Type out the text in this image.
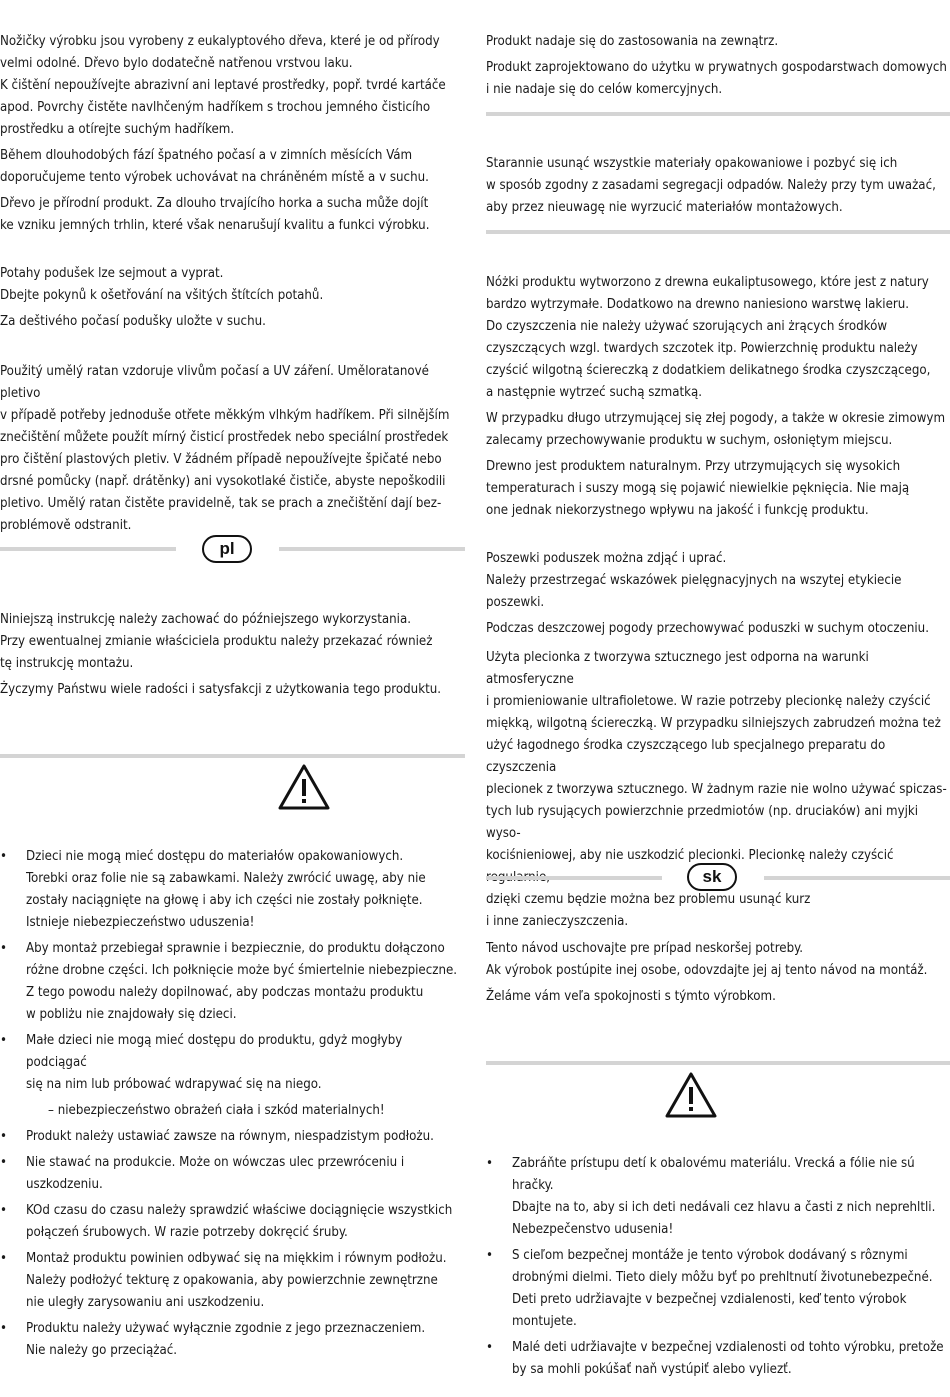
Nožičky výrobku jsou vyrobeny z eukalyptového dřeva, které je od přírody
velmi odolné. Dřevo bylo dodatečně natřenou vrstvou laku.
K čištění nepoužívejte abrazivní ani leptavé prostředky, popř. tvrdé kartáče
apod. Povrchy čistěte navlhčeným hadříkem s trochou jemného čisticího
prostředku a otírejte suchým hadříkem.

Během dlouhodobých fází špatného počasí a v zimních měsících Vám
doporučujeme tento výrobek uchovávat na chráněném místě a v suchu.

Dřevo je přírodní produkt. Za dlouho trvajícího horka a sucha může dojít
ke vzniku jemných trhlin, které však nenarušují kvalitu a funkci výrobku.

Potahy podušek lze sejmout a vyprat.
Dbejte pokynů k ošetřování na všitých štítcích potahů.

Za deštivého počasí podušky uložte v suchu.

Použitý umělý ratan vzdoruje vlivům počasí a UV záření. Uměloratanové pletivo
v případě potřeby jednoduše otřete měkkým vlhkým hadříkem. Při silnějším
znečištění můžete použít mírný čisticí prostředek nebo speciální prostředek
pro čištění plastových pletiv. V žádném případě nepoužívejte špičaté nebo
drsné pomůcky (např. drátěnky) ani vysokotlaké čističe, abyste nepoškodili
pletivo. Umělý ratan čistěte pravidelně, tak se prach a znečištění dají bez-
problémově odstranit.

pl

Niniejszą instrukcję należy zachować do późniejszego wykorzystania.
Przy ewentualnej zmianie właściciela produktu należy przekazać również
tę instrukcję montażu.

Życzymy Państwu wiele radości i satysfakcji z użytkowania tego produktu.

• Dzieci nie mogą mieć dostępu do materiałów opakowaniowych.
Torebki oraz folie nie są zabawkami. Należy zwrócić uwagę, aby nie
zostały naciągnięte na głowę i aby ich części nie zostały połknięte.
Istnieje niebezpieczeństwo uduszenia!
• Aby montaż przebiegał sprawnie i bezpiecznie, do produktu dołączono
różne drobne części. Ich połknięcie może być śmiertelnie niebezpieczne.
Z tego powodu należy dopilnować, aby podczas montażu produktu
w pobliżu nie znajdowały się dzieci.
• Małe dzieci nie mogą mieć dostępu do produktu, gdyż mogłyby podciągać
się na nim lub próbować wdrapywać się na niego.
– niebezpieczeństwo obrażeń ciała i szkód materialnych!
• Produkt należy ustawiać zawsze na równym, niespadzistym podłożu.
• Nie stawać na produkcie. Może on wówczas ulec przewróceniu i uszkodzeniu.
• KOd czasu do czasu należy sprawdzić właściwe dociągnięcie wszystkich
połączeń śrubowych. W razie potrzeby dokręcić śruby.
• Montaż produktu powinien odbywać się na miękkim i równym podłożu.
Należy podłożyć tekturę z opakowania, aby powierzchnie zewnętrzne
nie uległy zarysowaniu ani uszkodzeniu.
• Produktu należy używać wyłącznie zgodnie z jego przeznaczeniem.
Nie należy go przeciążać.

Produkt nadaje się do zastosowania na zewnątrz.

Produkt zaprojektowano do użytku w prywatnych gospodarstwach domowych
i nie nadaje się do celów komercyjnych.

Starannie usunąć wszystkie materiały opakowaniowe i pozbyć się ich
w sposób zgodny z zasadami segregacji odpadów. Należy przy tym uważać,
aby przez nieuwagę nie wyrzucić materiałów montażowych.

Nóżki produktu wytworzono z drewna eukaliptusowego, które jest z natury
bardzo wytrzymałe. Dodatkowo na drewno naniesiono warstwę lakieru.
Do czyszczenia nie należy używać szorujących ani żrących środków
czyszczących wzgl. twardych szczotek itp. Powierzchnię produktu należy
czyścić wilgotną ściereczką z dodatkiem delikatnego środka czyszczącego,
a następnie wytrzeć suchą szmatką.

W przypadku długo utrzymującej się złej pogody, a także w okresie zimowym
zalecamy przechowywanie produktu w suchym, osłoniętym miejscu.

Drewno jest produktem naturalnym. Przy utrzymujących się wysokich
temperaturach i suszy mogą się pojawić niewielkie pęknięcia. Nie mają
one jednak niekorzystnego wpływu na jakość i funkcję produktu.

Poszewki poduszek można zdjąć i uprać.
Należy przestrzegać wskazówek pielęgnacyjnych na wszytej etykiecie poszewki.

Podczas deszczowej pogody przechowywać poduszki w suchym otoczeniu.

Użyta plecionka z tworzywa sztucznego jest odporna na warunki atmosferyczne
i promieniowanie ultrafioletowe. W razie potrzeby plecionkę należy czyścić
miękką, wilgotną ściereczką. W przypadku silniejszych zabrudzeń można też
użyć łagodnego środka czyszczącego lub specjalnego preparatu do czyszczenia
plecionek z tworzywa sztucznego. W żadnym razie nie wolno używać spiczas-
tych lub rysujących powierzchnie przedmiotów (np. druciaków) ani myjki wyso-
kociśnieniowej, aby nie uszkodzić plecionki. Plecionkę należy czyścić
dzięki czemu będzie można bez problemu usunąć kurz
i inne zanieczyszczenia.

sk

Tento návod uschovajte pre prípad neskoršej potreby.
Ak výrobok postúpite inej osobe, odovzdajte jej aj tento návod na montáž.

Želáme vám veľa spokojnosti s týmto výrobkom.

• Zabráňte prístupu detí k obalovému materiálu. Vrecká a fólie nie sú hračky.
Dbajte na to, aby si ich deti nedávali cez hlavu a časti z nich neprehltli.
Nebezpečenstvo udusenia!
• S cieľom bezpečnej montáže je tento výrobok dodávaný s rôznymi
drobnými dielmi. Tieto diely môžu byť po prehltnutí životunebezpečné.
Deti preto udržiavajte v bezpečnej vzdialenosti, keď tento výrobok
montujete.
• Malé deti udržiavajte v bezpečnej vzdialenosti od tohto výrobku, pretože
by sa mohli pokúšať naň vystúpiť alebo vyliezť.
